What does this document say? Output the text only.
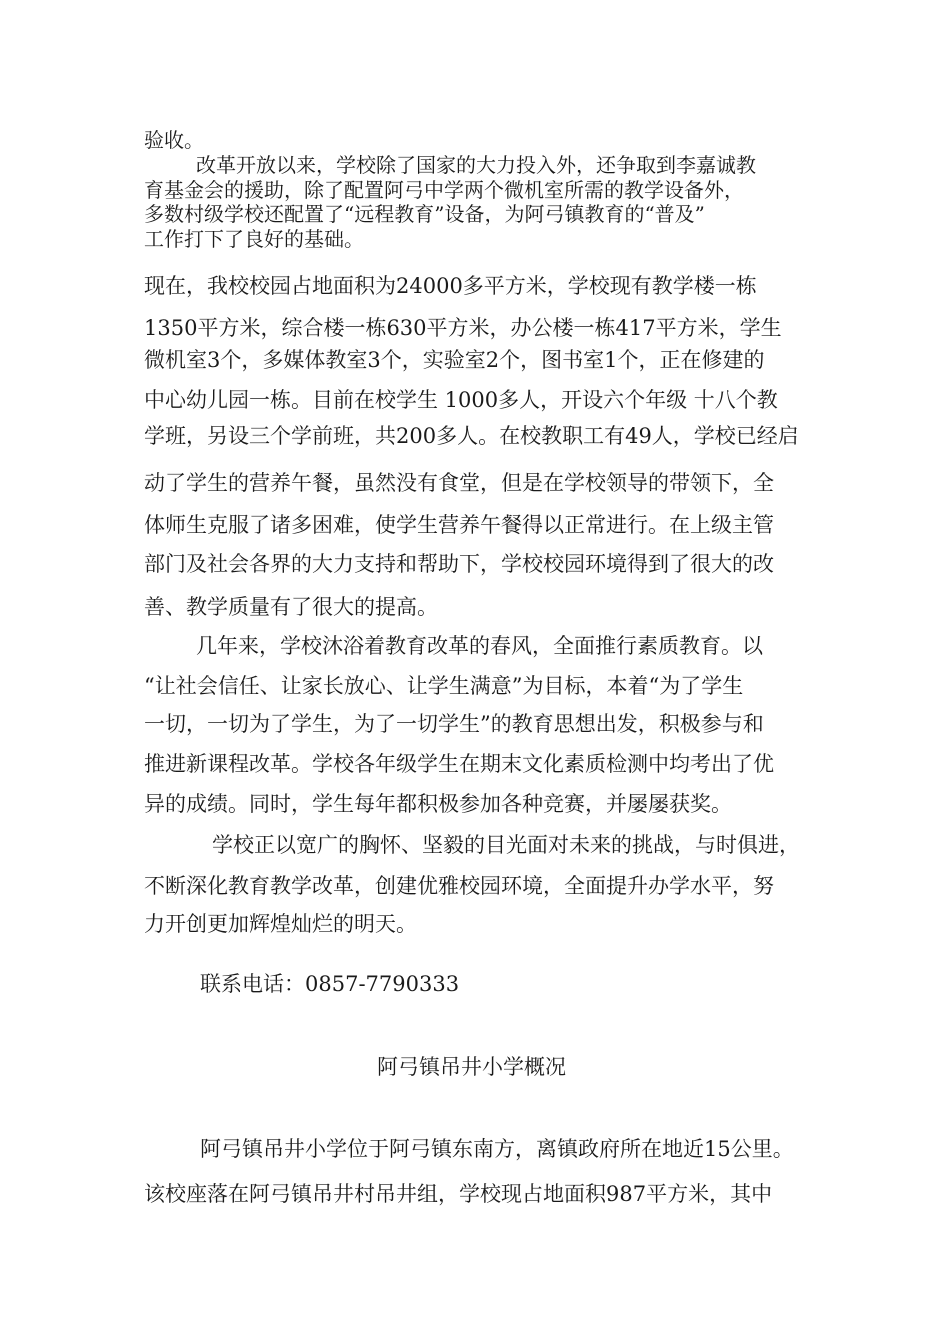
验收。

改革开放以来，学校除了国家的大力投入外，还争取到李嘉诚教

育基金会的援助，除了配置阿弓中学两个微机室所需的教学设备外，

多数村级学校还配置了“远程教育”设备，为阿弓镇教育的“普及”

工作打下了良好的基础。

现在，我校校园占地面积为24000多平方米，学校现有教学楼一栋

1350平方米，综合楼一栋630平方米，办公楼一栋417平方米，学生

微机室3个，多媒体教室3个，实验室2个，图书室1个，正在修建的

中心幼儿园一栋。目前在校学生 1000多人，开设六个年级 十八个教

学班，另设三个学前班，共200多人。在校教职工有49人，学校已经启

动了学生的营养午餐，虽然没有食堂，但是在学校领导的带领下，全

体师生克服了诸多困难，使学生营养午餐得以正常进行。在上级主管

部门及社会各界的大力支持和帮助下，学校校园环境得到了很大的改

善、教学质量有了很大的提高。

几年来，学校沐浴着教育改革的春风，全面推行素质教育。以

“让社会信任、让家长放心、让学生满意”为目标，本着“为了学生

一切，一切为了学生，为了一切学生”的教育思想出发，积极参与和

推进新课程改革。学校各年级学生在期末文化素质检测中均考出了优

异的成绩。同时，学生每年都积极参加各种竞赛，并屡屡获奖。

学校正以宽广的胸怀、坚毅的目光面对未来的挑战，与时俱进，

不断深化教育教学改革，创建优雅校园环境，全面提升办学水平，努

力开创更加辉煌灿烂的明天。

联系电话：0857-7790333

阿弓镇吊井小学概况

阿弓镇吊井小学位于阿弓镇东南方，离镇政府所在地近15公里。

该校座落在阿弓镇吊井村吊井组，学校现占地面积987平方米，其中
